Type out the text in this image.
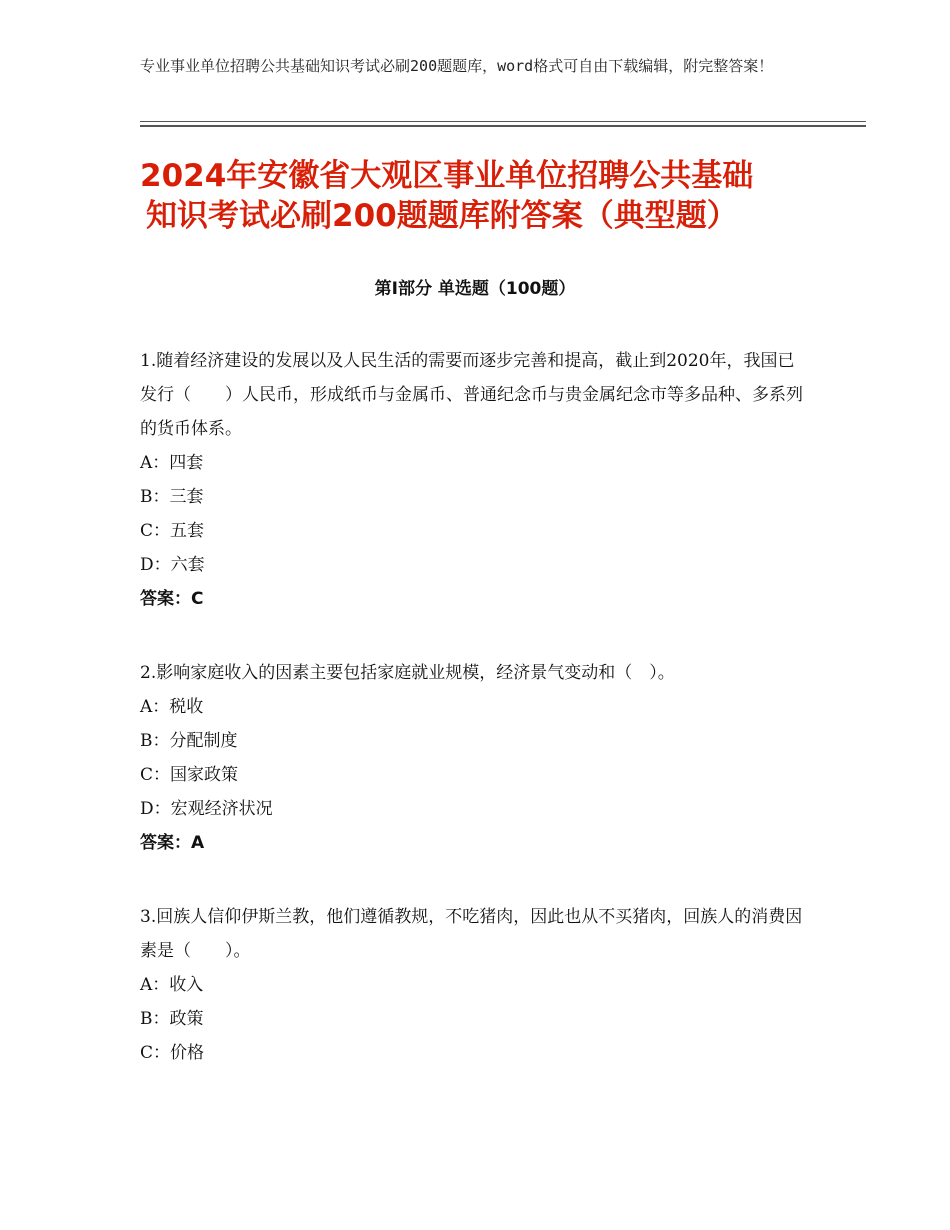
专业事业单位招聘公共基础知识考试必刷200题题库，word格式可自由下载编辑，附完整答案！
2024年安徽省大观区事业单位招聘公共基础
知识考试必刷200题题库附答案（典型题）
第Ⅰ部分 单选题（100题）

1.随着经济建设的发展以及人民生活的需要而逐步完善和提高，截止到2020年，我国已发行（　　）人民币，形成纸币与金属币、普通纪念币与贵金属纪念市等多品种、多系列的货币体系。

A：四套

B：三套

C：五套

D：六套

答案：C

2.影响家庭收入的因素主要包括家庭就业规模，经济景气变动和（　）。

A：税收

B：分配制度

C：国家政策

D：宏观经济状况

答案：A

3.回族人信仰伊斯兰教，他们遵循教规，不吃猪肉，因此也从不买猪肉，回族人的消费因素是（　　）。

A：收入

B：政策

C：价格
